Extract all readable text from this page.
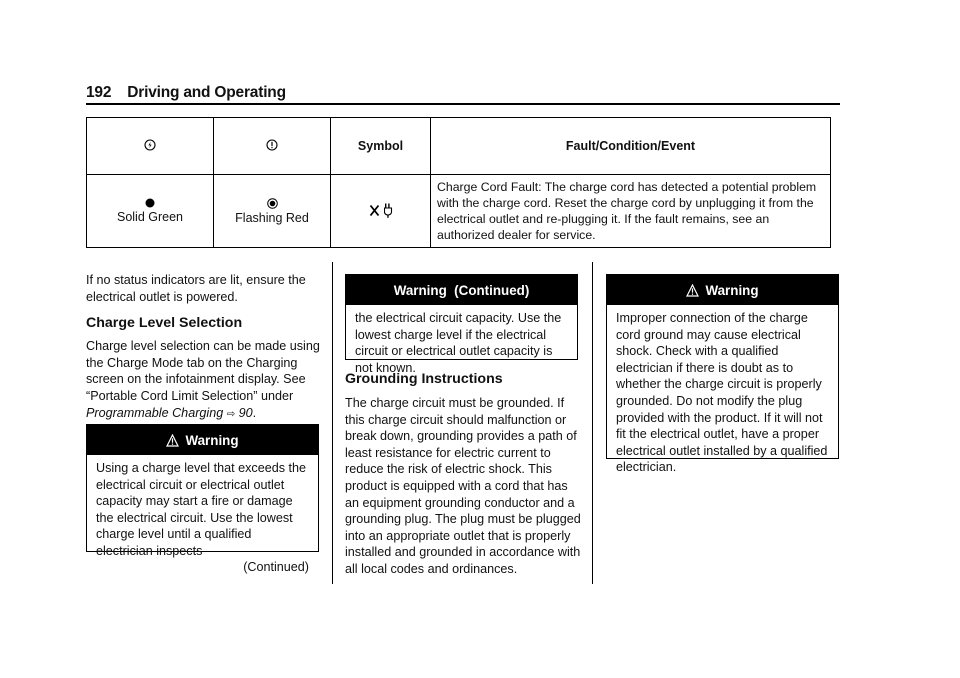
192 Driving and Operating
		Symbol	Fault/Condition/Event

Solid Green	Flashing Red		Charge Cord Fault: The charge cord has detected a potential problem with the charge cord. Reset the charge cord by unplugging it from the electrical outlet and re-plugging it. If the fault remains, see an authorized dealer for service.

If no status indicators are lit, ensure the electrical outlet is powered.

Charge Level Selection

Charge level selection can be made using the Charge Mode tab on the Charging screen on the infotainment display. See “Portable Cord Limit Selection” under Programmable Charging ⇨ 90.

Warning

Using a charge level that exceeds the electrical circuit or electrical outlet capacity may start a fire or damage the electrical circuit. Use the lowest charge level until a qualified electrician inspects

(Continued)
Warning  (Continued)

the electrical circuit capacity. Use the lowest charge level if the electrical circuit or electrical outlet capacity is not known.

Grounding Instructions

The charge circuit must be grounded. If this charge circuit should malfunction or break down, grounding provides a path of least resistance for electric current to reduce the risk of electric shock. This product is equipped with a cord that has an equipment grounding conductor and a grounding plug. The plug must be plugged into an appropriate outlet that is properly installed and grounded in accordance with all local codes and ordinances.

Warning

Improper connection of the charge cord ground may cause electrical shock. Check with a qualified electrician if there is doubt as to whether the charge circuit is properly grounded. Do not modify the plug provided with the product. If it will not fit the electrical outlet, have a proper electrical outlet installed by a qualified electrician.
